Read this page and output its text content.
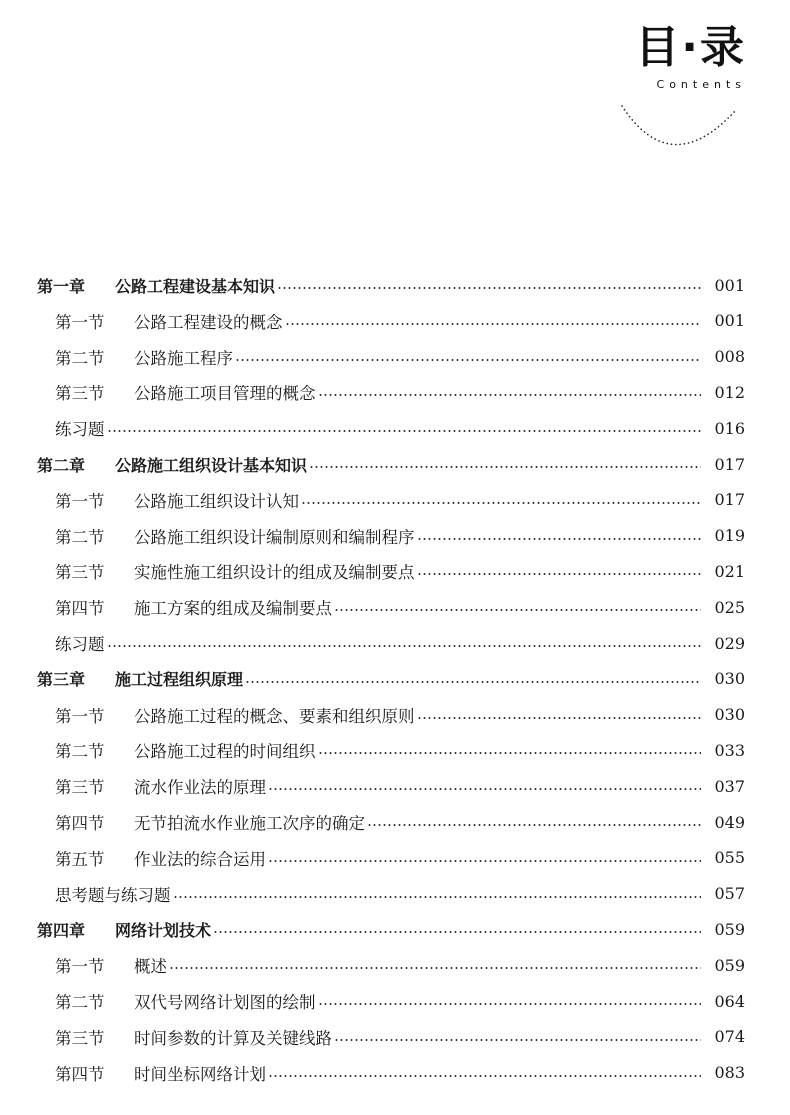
目·录
Contents
第一章	公路工程建设基本知识	001
第一节	公路工程建设的概念	001
第二节	公路施工程序	008
第三节	公路施工项目管理的概念	012
练习题	016
第二章	公路施工组织设计基本知识	017
第一节	公路施工组织设计认知	017
第二节	公路施工组织设计编制原则和编制程序	019
第三节	实施性施工组织设计的组成及编制要点	021
第四节	施工方案的组成及编制要点	025
练习题	029
第三章	施工过程组织原理	030
第一节	公路施工过程的概念、要素和组织原则	030
第二节	公路施工过程的时间组织	033
第三节	流水作业法的原理	037
第四节	无节拍流水作业施工次序的确定	049
第五节	作业法的综合运用	055
思考题与练习题	057
第四章	网络计划技术	059
第一节	概述	059
第二节	双代号网络计划图的绘制	064
第三节	时间参数的计算及关键线路	074
第四节	时间坐标网络计划	083
